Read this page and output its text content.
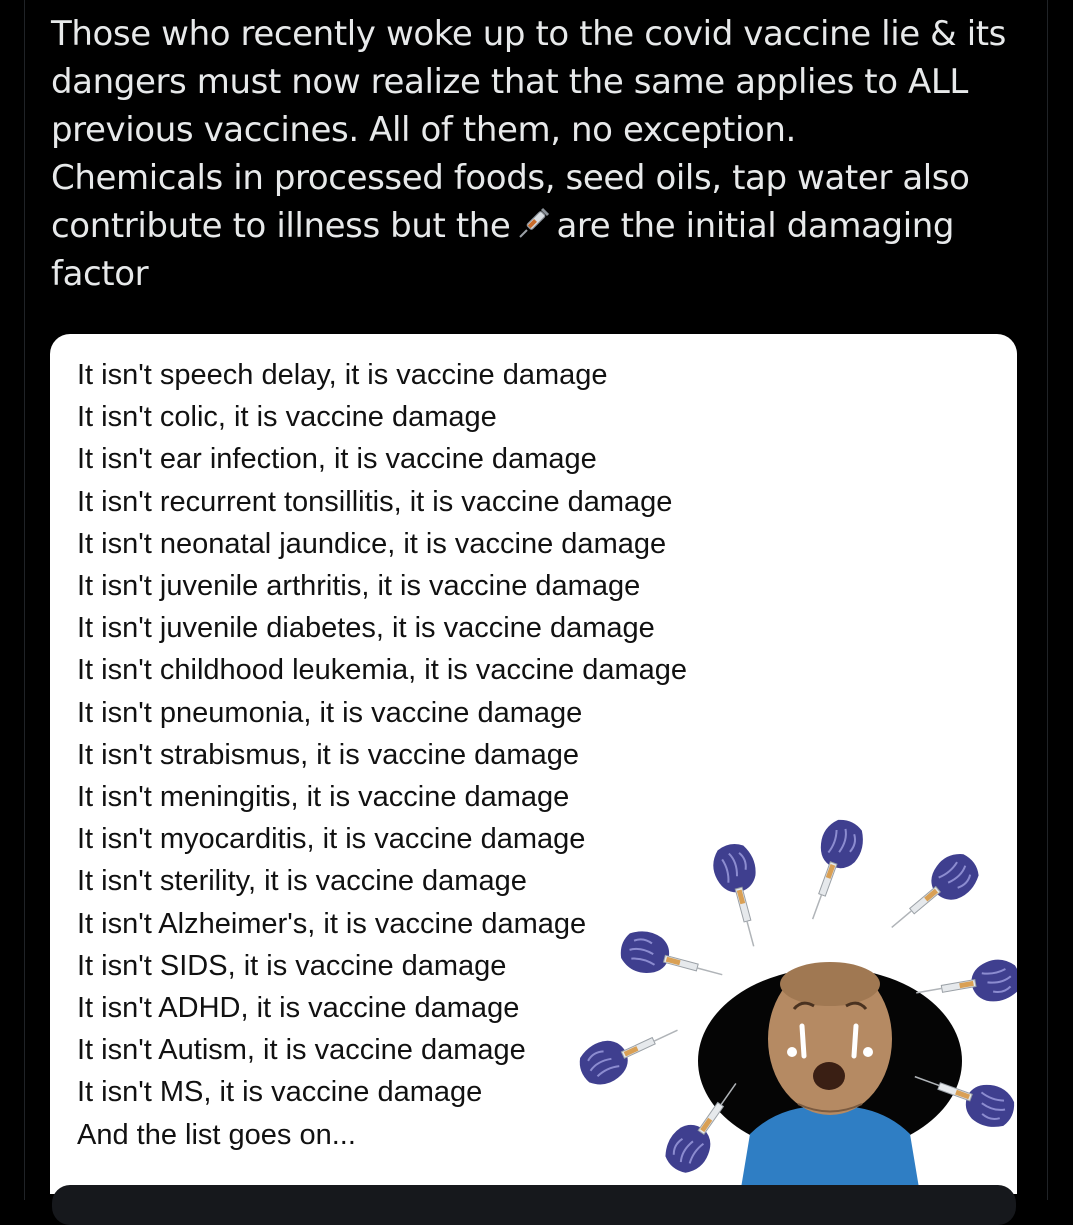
Those who recently woke up to the covid vaccine lie & its
dangers must now realize that the same applies to ALL
previous vaccines. All of them, no exception.
Chemicals in processed foods, seed oils, tap water also
contribute to illness but the are the initial damaging
factor
It isn't speech delay, it is vaccine damage
It isn't colic, it is vaccine damage
It isn't ear infection, it is vaccine damage
It isn't recurrent tonsillitis, it is vaccine damage
It isn't neonatal jaundice, it is vaccine damage
It isn't juvenile arthritis, it is vaccine damage
It isn't juvenile diabetes, it is vaccine damage
It isn't childhood leukemia, it is vaccine damage
It isn't pneumonia, it is vaccine damage
It isn't strabismus, it is vaccine damage
It isn't meningitis, it is vaccine damage
It isn't myocarditis, it is vaccine damage
It isn't sterility, it is vaccine damage
It isn't Alzheimer's, it is vaccine damage
It isn't SIDS, it is vaccine damage
It isn't ADHD, it is vaccine damage
It isn't Autism, it is vaccine damage
It isn't MS, it is vaccine damage
And the list goes on...
